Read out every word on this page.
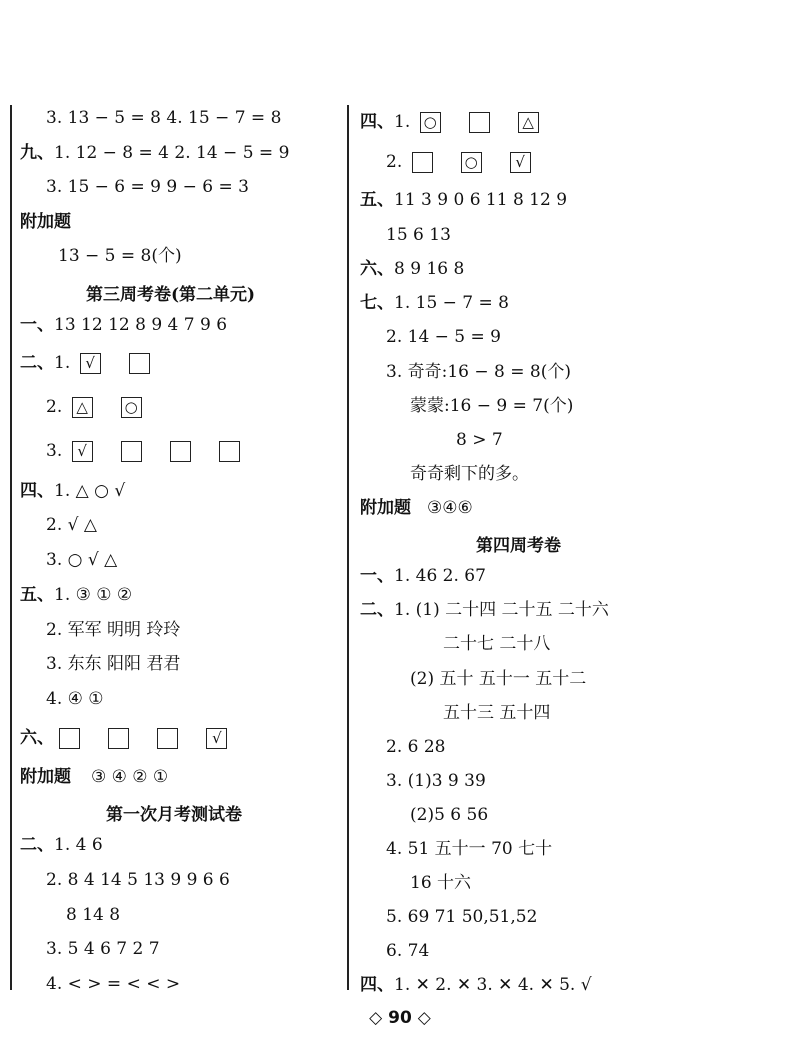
3. 13 − 5 = 8 4. 15 − 7 = 8
九、1. 12 − 8 = 4 2. 14 − 5 = 9
3. 15 − 6 = 9 9 − 6 = 3
附加题
13 − 5 = 8(个)
第三周考卷(第二单元)
一、13 12 12 8 9 4 7 9 6
二、1. √
2. △ ○
3. √
四、1. △ ○ √
2. √ △
3. ○ √ △
五、1. ③ ① ②
2. 军军 明明 玲玲
3. 东东 阳阳 君君
4. ④ ①
六、	√
附加题 ③ ④ ② ①
第一次月考测试卷
二、1. 4 6
2. 8 4 14 5 13 9 9 6 6
8 14 8
3. 5 4 6 7 2 7
4. < > = < < >
四、1. ○	△
2.	○	√
五、11 3 9 0 6 11 8 12 9
15 6 13
六、8 9 16 8
七、1. 15 − 7 = 8
2. 14 − 5 = 9
3. 奇奇:16 − 8 = 8(个)
蒙蒙:16 − 9 = 7(个)
8 > 7
奇奇剩下的多。
附加题 ③④⑥
第四周考卷
一、1. 46 2. 67
二、1. (1) 二十四 二十五 二十六
二十七 二十八
(2) 五十 五十一 五十二
五十三 五十四
2. 6 28
3. (1)3 9 39
(2)5 6 56
4. 51 五十一 70 七十
16 十六
5. 69 71 50,51,52
6. 74
四、1. ✕ 2. ✕ 3. ✕ 4. ✕ 5. √
◇ 90 ◇
